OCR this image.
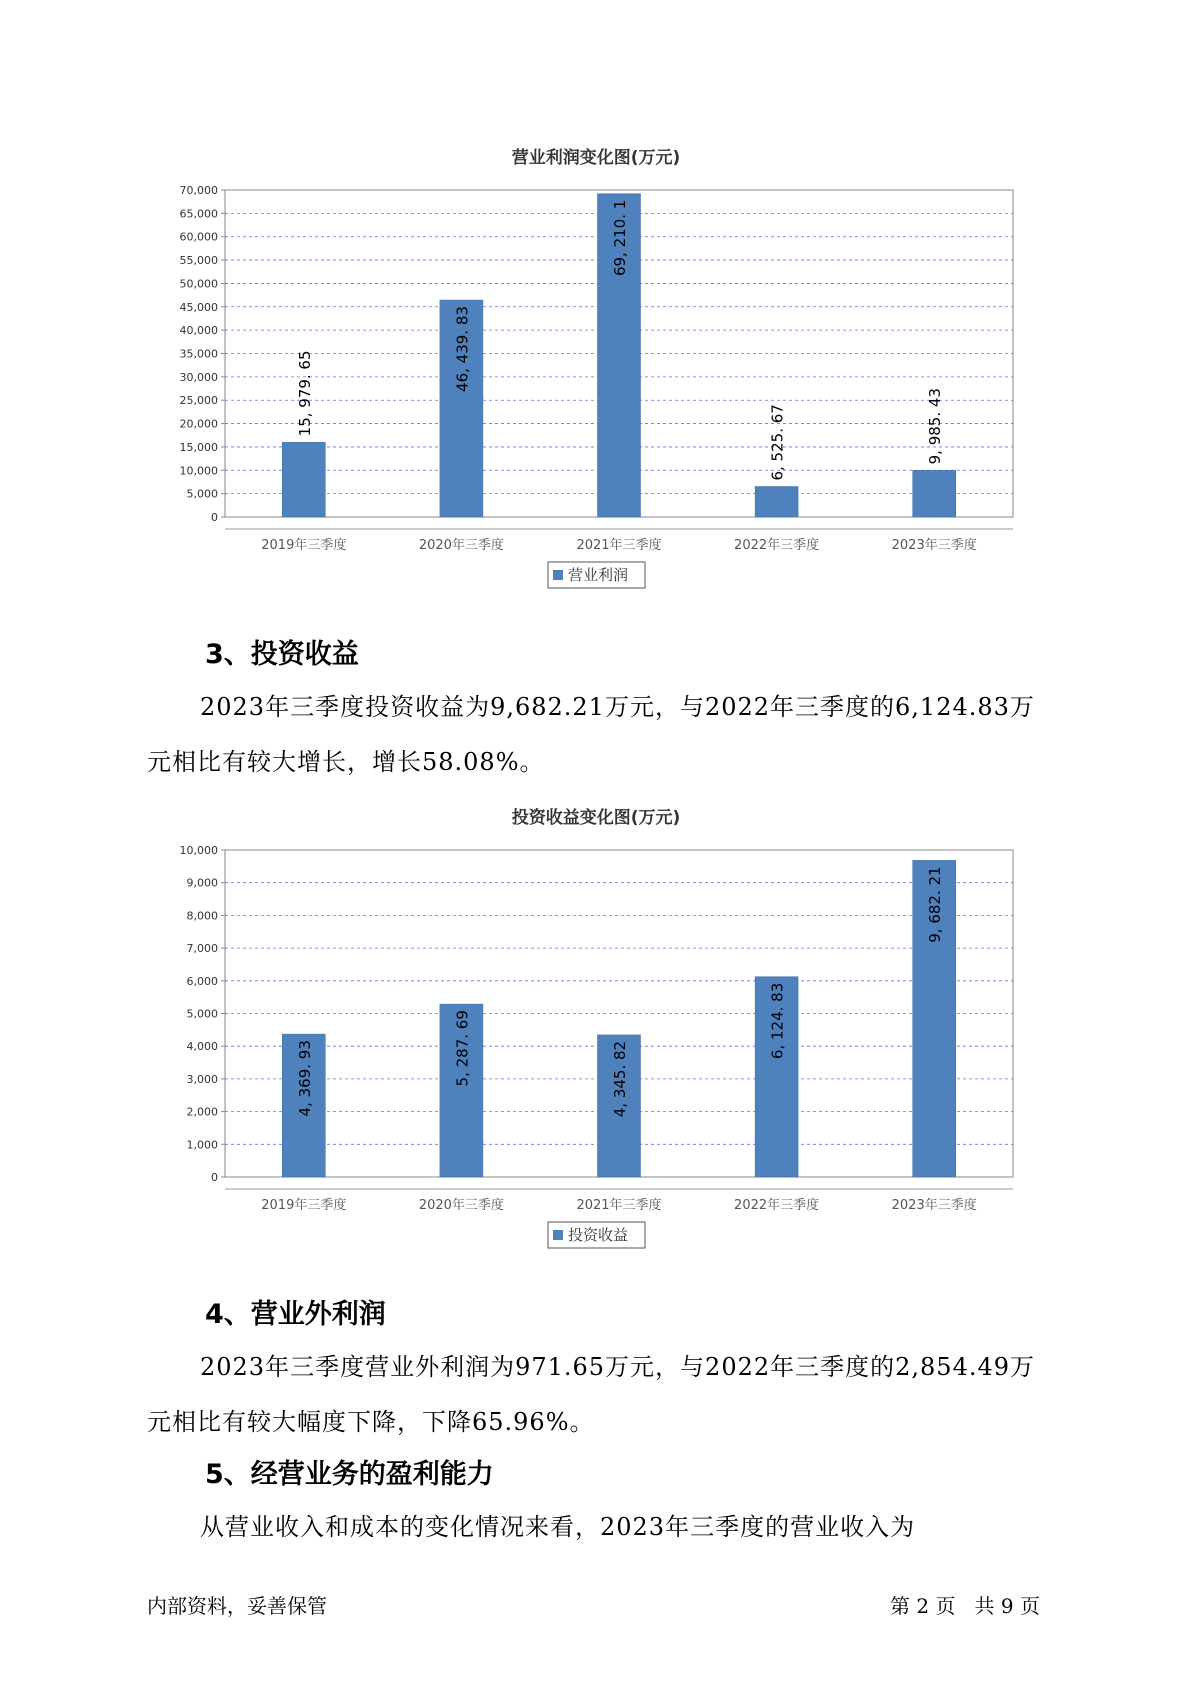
营业利润变化图(万元)
0
5,000
10,000
15,000
20,000
25,000
30,000
35,000
40,000
45,000
50,000
55,000
60,000
65,000
70,000
15, 979. 65
46, 439. 83
69, 210. 1
6, 525. 67	9, 985. 43
2019年三季度	2020年三季度	2021年三季度	2022年三季度	2023年三季度
营业利润
3、投资收益

2023年三季度投资收益为9,682.21万元，与2022年三季度的6,124.83万元相比有较大增长，增长58.08%。

投资收益变化图(万元)
0
1,000
2,000
3,000
4,000
5,000
6,000
7,000
8,000
9,000
10,000
4, 369. 93	5, 287. 69	4, 345. 82
6, 124. 83
9, 682. 21
2019年三季度	2020年三季度	2021年三季度	2022年三季度	2023年三季度
投资收益
4、营业外利润

2023年三季度营业外利润为971.65万元，与2022年三季度的2,854.49万元相比有较大幅度下降，下降65.96%。

5、经营业务的盈利能力

从营业收入和成本的变化情况来看，2023年三季度的营业收入为

内部资料，妥善保管	第 2 页   共 9 页
